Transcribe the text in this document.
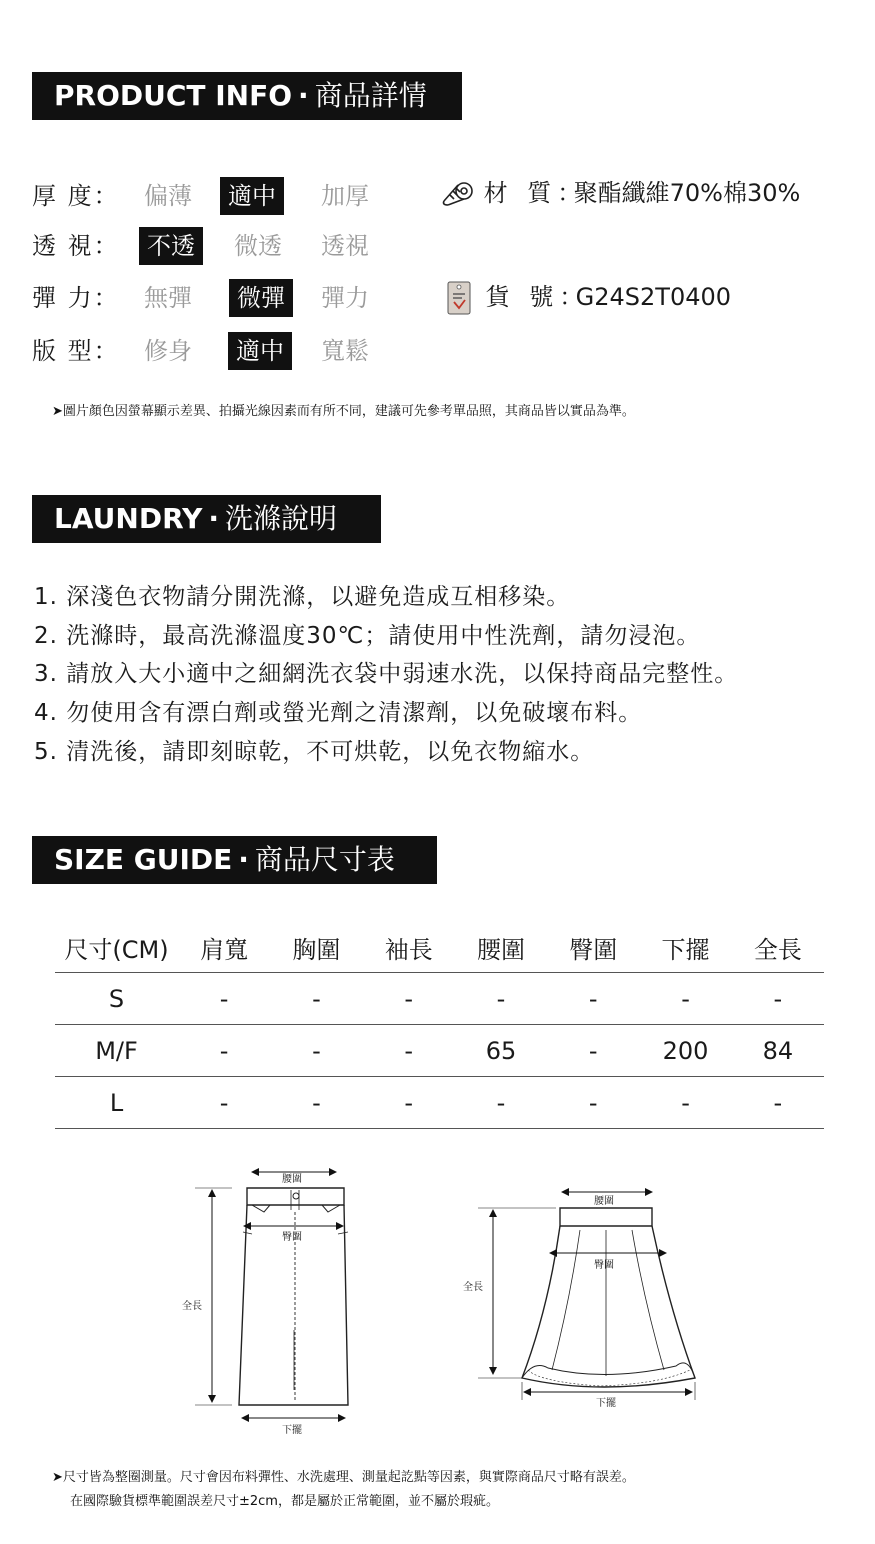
PRODUCT INFO · 商品詳情
厚 度：	偏薄	適中	加厚
透 視：	不透	微透	透視
彈 力：	無彈	微彈	彈力
版 型：	修身	適中	寬鬆
材 質：聚酯纖維70%棉30%
貨 號：G24S2T0400
➤圖片顏色因螢幕顯示差異、拍攝光線因素而有所不同，建議可先參考單品照，其商品皆以實品為準。
LAUNDRY · 洗滌說明
1. 深淺色衣物請分開洗滌，以避免造成互相移染。
2. 洗滌時，最高洗滌溫度30℃；請使用中性洗劑，請勿浸泡。
3. 請放入大小適中之細網洗衣袋中弱速水洗，以保持商品完整性。
4. 勿使用含有漂白劑或螢光劑之清潔劑，以免破壞布料。
5. 清洗後，請即刻晾乾，不可烘乾，以免衣物縮水。
SIZE GUIDE · 商品尺寸表
尺寸(CM)	肩寬	胸圍	袖長	腰圍	臀圍	下擺	全長
S	-	-	-	-	-	-	-
M/F	-	-	-	65	-	200	84
L	-	-	-	-	-	-	-
腰圍
臀圍
全長
下擺
腰圍
臀圍
全長
下擺
➤尺寸皆為整圈測量。尺寸會因布料彈性、水洗處理、測量起訖點等因素，與實際商品尺寸略有誤差。
在國際驗貨標準範圍誤差尺寸±2cm，都是屬於正常範圍，並不屬於瑕疵。
